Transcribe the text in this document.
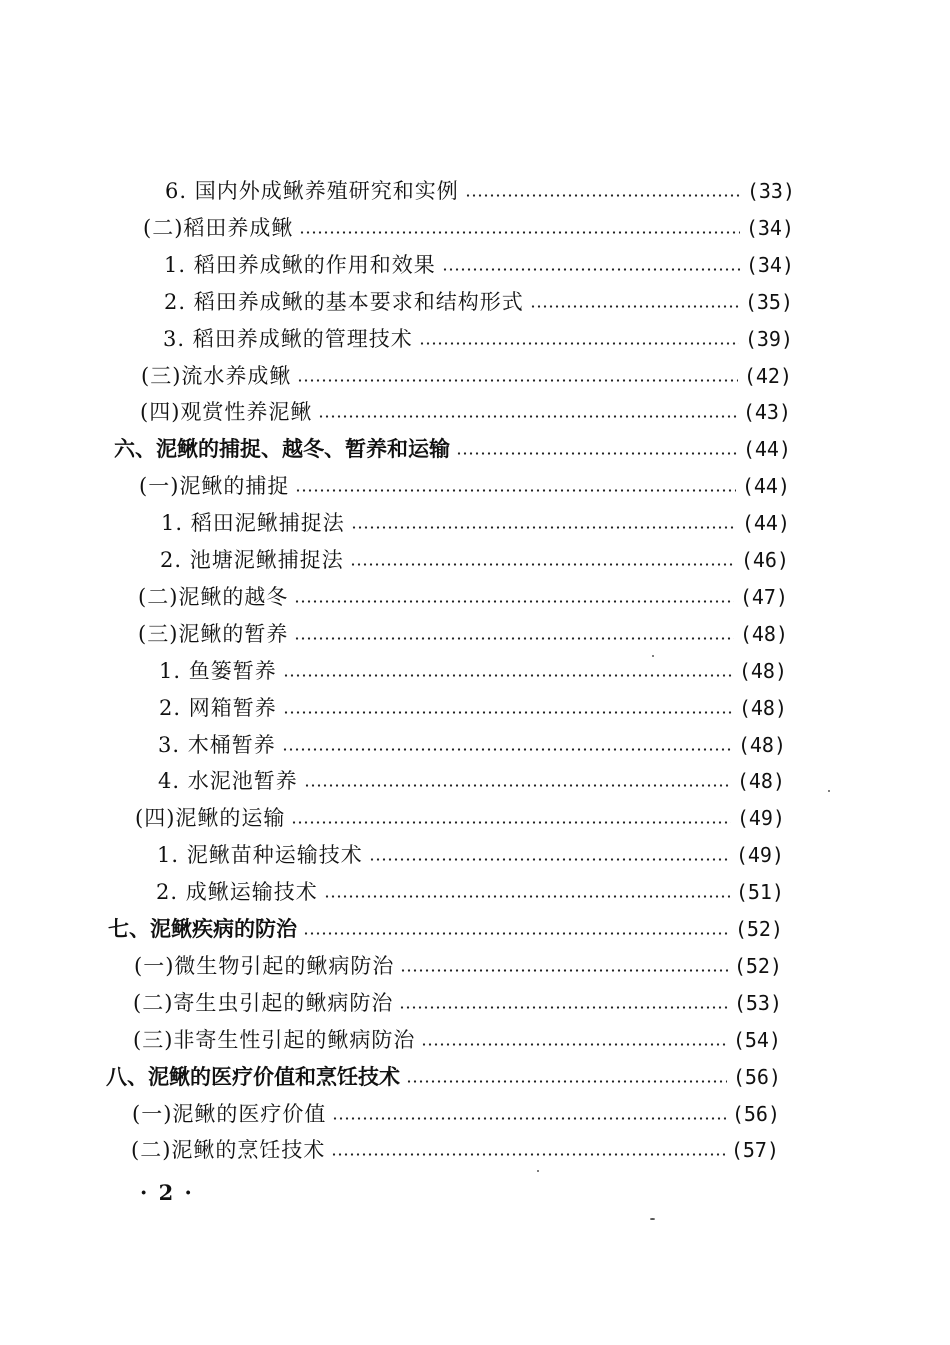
6. 国内外成鳅养殖研究和实例	(33)
(二)稻田养成鳅	(34)
1. 稻田养成鳅的作用和效果	(34)
2. 稻田养成鳅的基本要求和结构形式	(35)
3. 稻田养成鳅的管理技术	(39)
(三)流水养成鳅	(42)
(四)观赏性养泥鳅	(43)
六、泥鳅的捕捉、越冬、暂养和运输	(44)
(一)泥鳅的捕捉	(44)
1. 稻田泥鳅捕捉法	(44)
2. 池塘泥鳅捕捉法	(46)
(二)泥鳅的越冬	(47)
(三)泥鳅的暂养	(48)
1. 鱼篓暂养	(48)
2. 网箱暂养	(48)
3. 木桶暂养	(48)
4. 水泥池暂养	(48)
(四)泥鳅的运输	(49)
1. 泥鳅苗种运输技术	(49)
2. 成鳅运输技术	(51)
七、泥鳅疾病的防治	(52)
(一)微生物引起的鳅病防治	(52)
(二)寄生虫引起的鳅病防治	(53)
(三)非寄生性引起的鳅病防治	(54)
八、泥鳅的医疗价值和烹饪技术	(56)
(一)泥鳅的医疗价值	(56)
(二)泥鳅的烹饪技术	(57)
· 2 ·
